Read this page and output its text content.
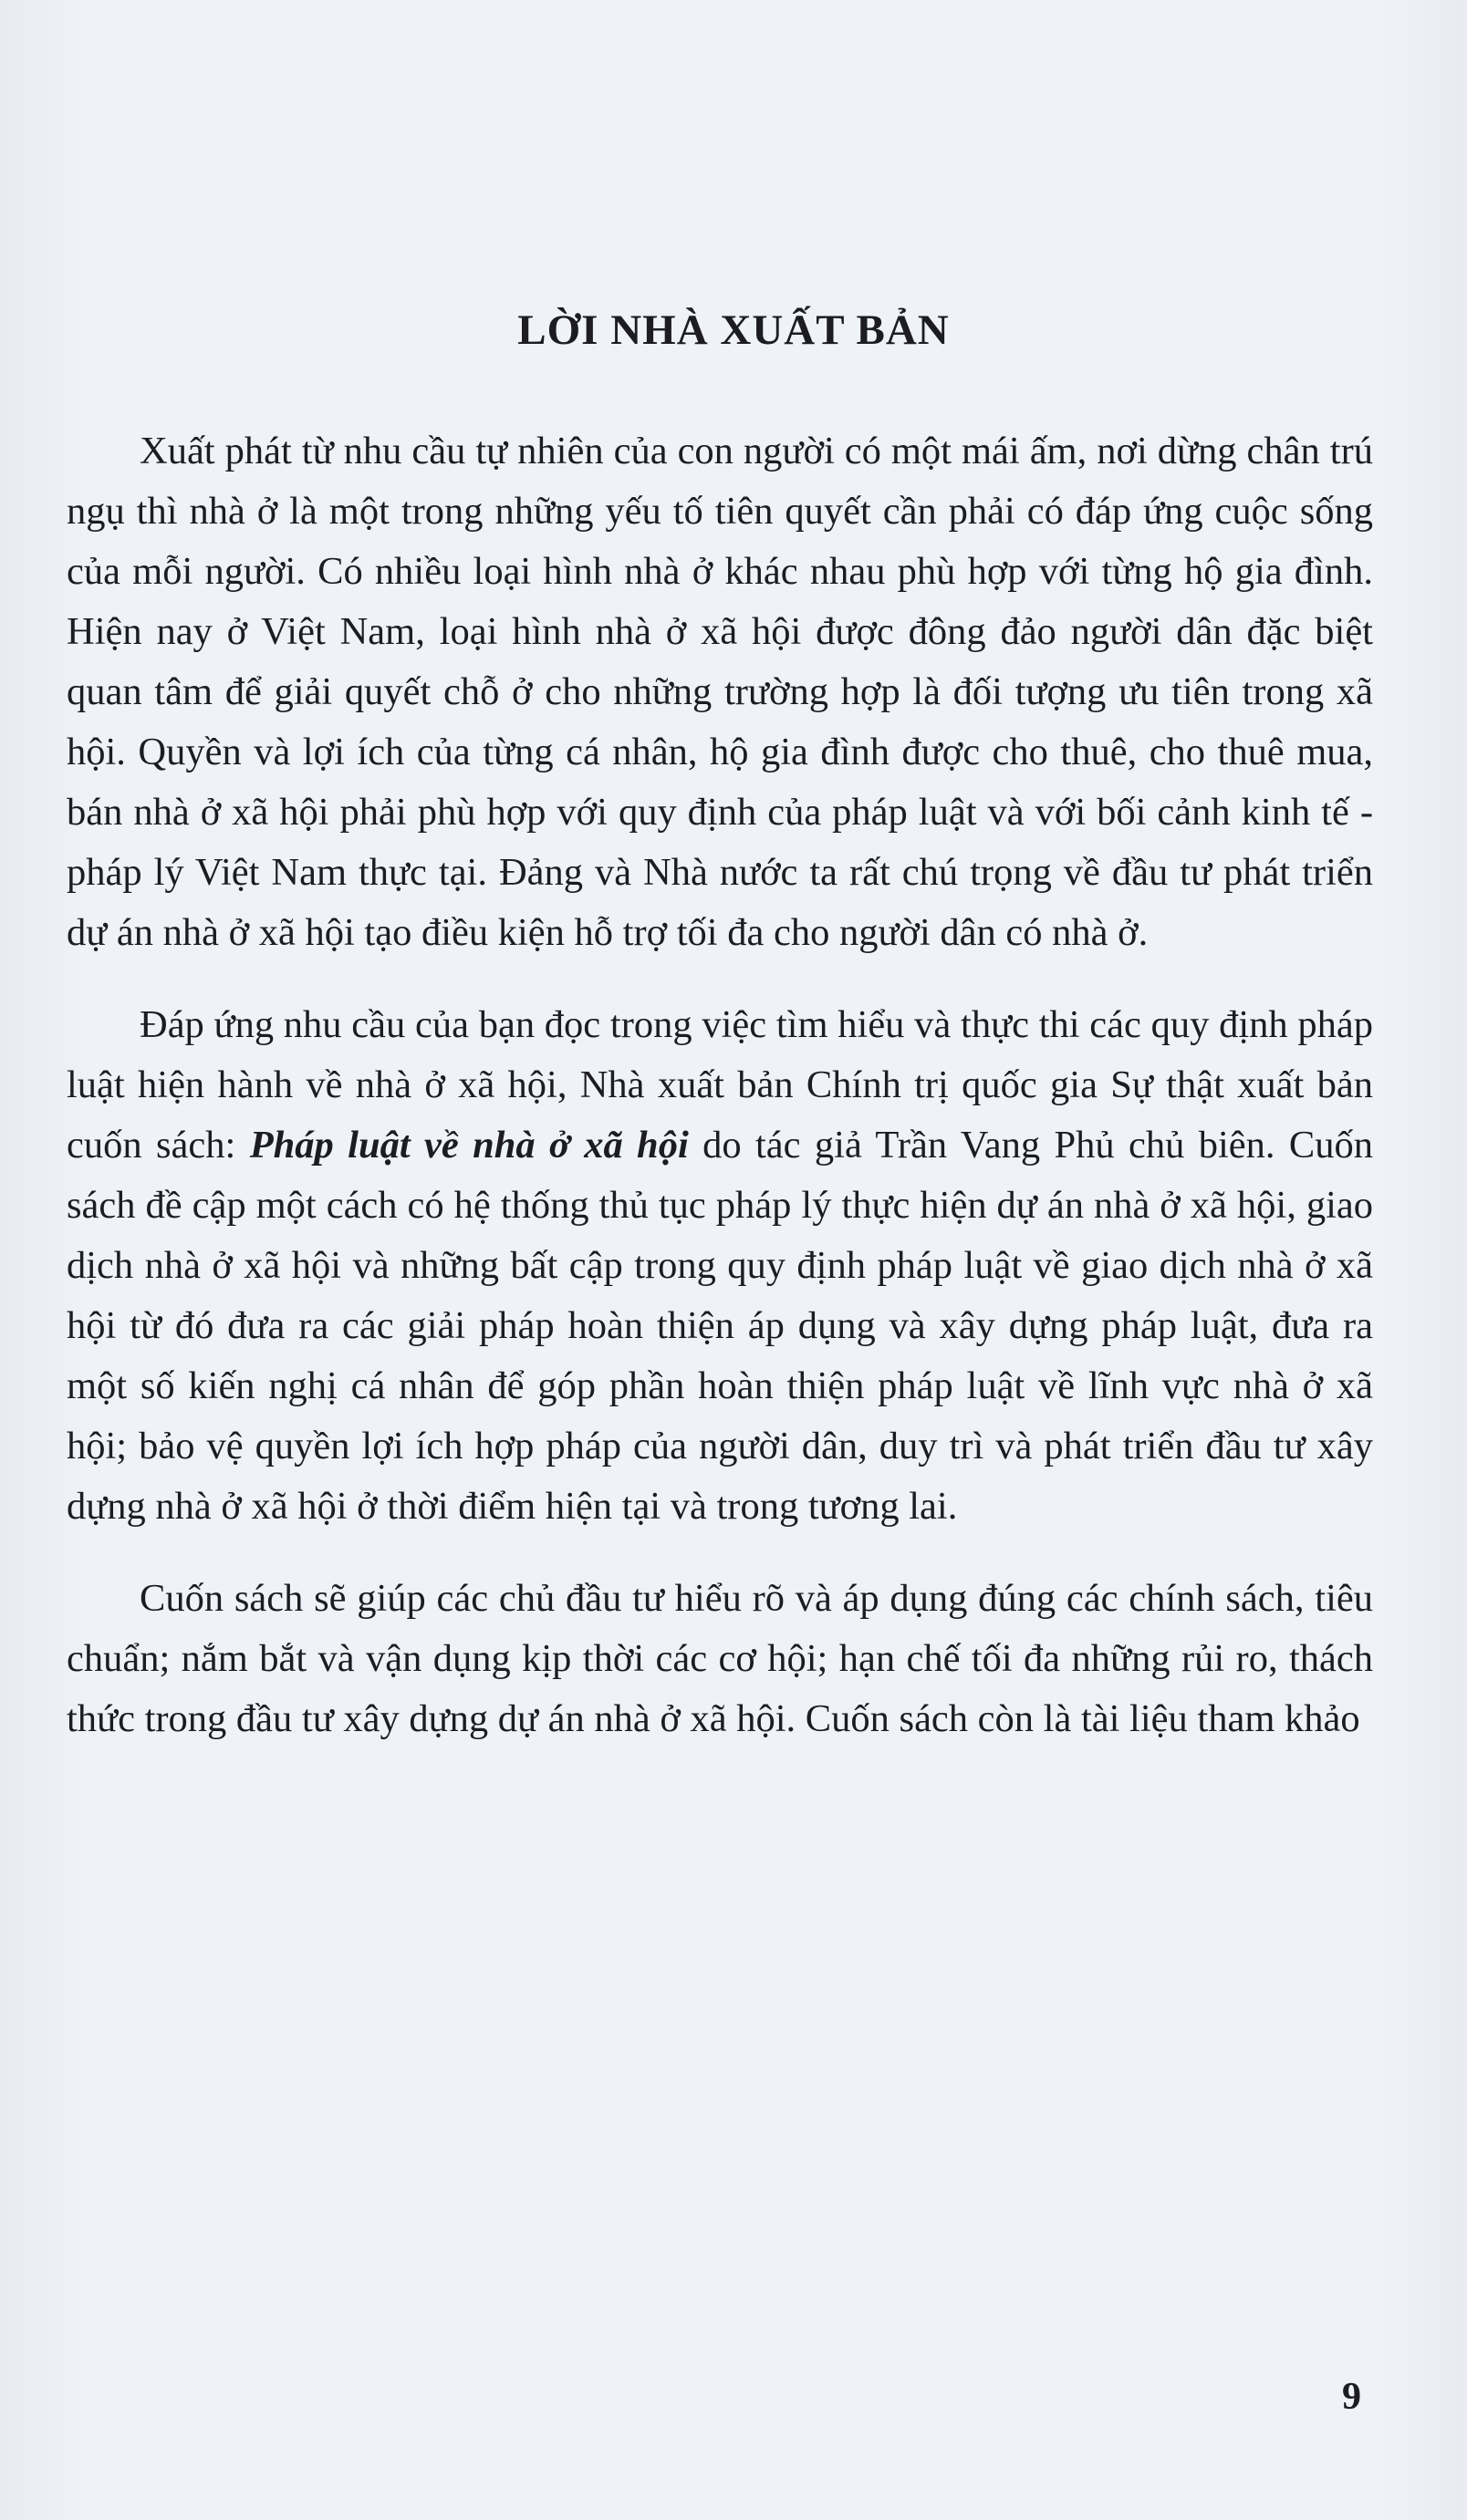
LỜI NHÀ XUẤT BẢN

Xuất phát từ nhu cầu tự nhiên của con người có một mái ấm, nơi dừng chân trú ngụ thì nhà ở là một trong những yếu tố tiên quyết cần phải có đáp ứng cuộc sống của mỗi người. Có nhiều loại hình nhà ở khác nhau phù hợp với từng hộ gia đình. Hiện nay ở Việt Nam, loại hình nhà ở xã hội được đông đảo người dân đặc biệt quan tâm để giải quyết chỗ ở cho những trường hợp là đối tượng ưu tiên trong xã hội. Quyền và lợi ích của từng cá nhân, hộ gia đình được cho thuê, cho thuê mua, bán nhà ở xã hội phải phù hợp với quy định của pháp luật và với bối cảnh kinh tế - pháp lý Việt Nam thực tại. Đảng và Nhà nước ta rất chú trọng về đầu tư phát triển dự án nhà ở xã hội tạo điều kiện hỗ trợ tối đa cho người dân có nhà ở.

Đáp ứng nhu cầu của bạn đọc trong việc tìm hiểu và thực thi các quy định pháp luật hiện hành về nhà ở xã hội, Nhà xuất bản Chính trị quốc gia Sự thật xuất bản cuốn sách: Pháp luật về nhà ở xã hội do tác giả Trần Vang Phủ chủ biên. Cuốn sách đề cập một cách có hệ thống thủ tục pháp lý thực hiện dự án nhà ở xã hội, giao dịch nhà ở xã hội và những bất cập trong quy định pháp luật về giao dịch nhà ở xã hội từ đó đưa ra các giải pháp hoàn thiện áp dụng và xây dựng pháp luật, đưa ra một số kiến nghị cá nhân để góp phần hoàn thiện pháp luật về lĩnh vực nhà ở xã hội; bảo vệ quyền lợi ích hợp pháp của người dân, duy trì và phát triển đầu tư xây dựng nhà ở xã hội ở thời điểm hiện tại và trong tương lai.

Cuốn sách sẽ giúp các chủ đầu tư hiểu rõ và áp dụng đúng các chính sách, tiêu chuẩn; nắm bắt và vận dụng kịp thời các cơ hội; hạn chế tối đa những rủi ro, thách thức trong đầu tư xây dựng dự án nhà ở xã hội. Cuốn sách còn là tài liệu tham khảo

9
